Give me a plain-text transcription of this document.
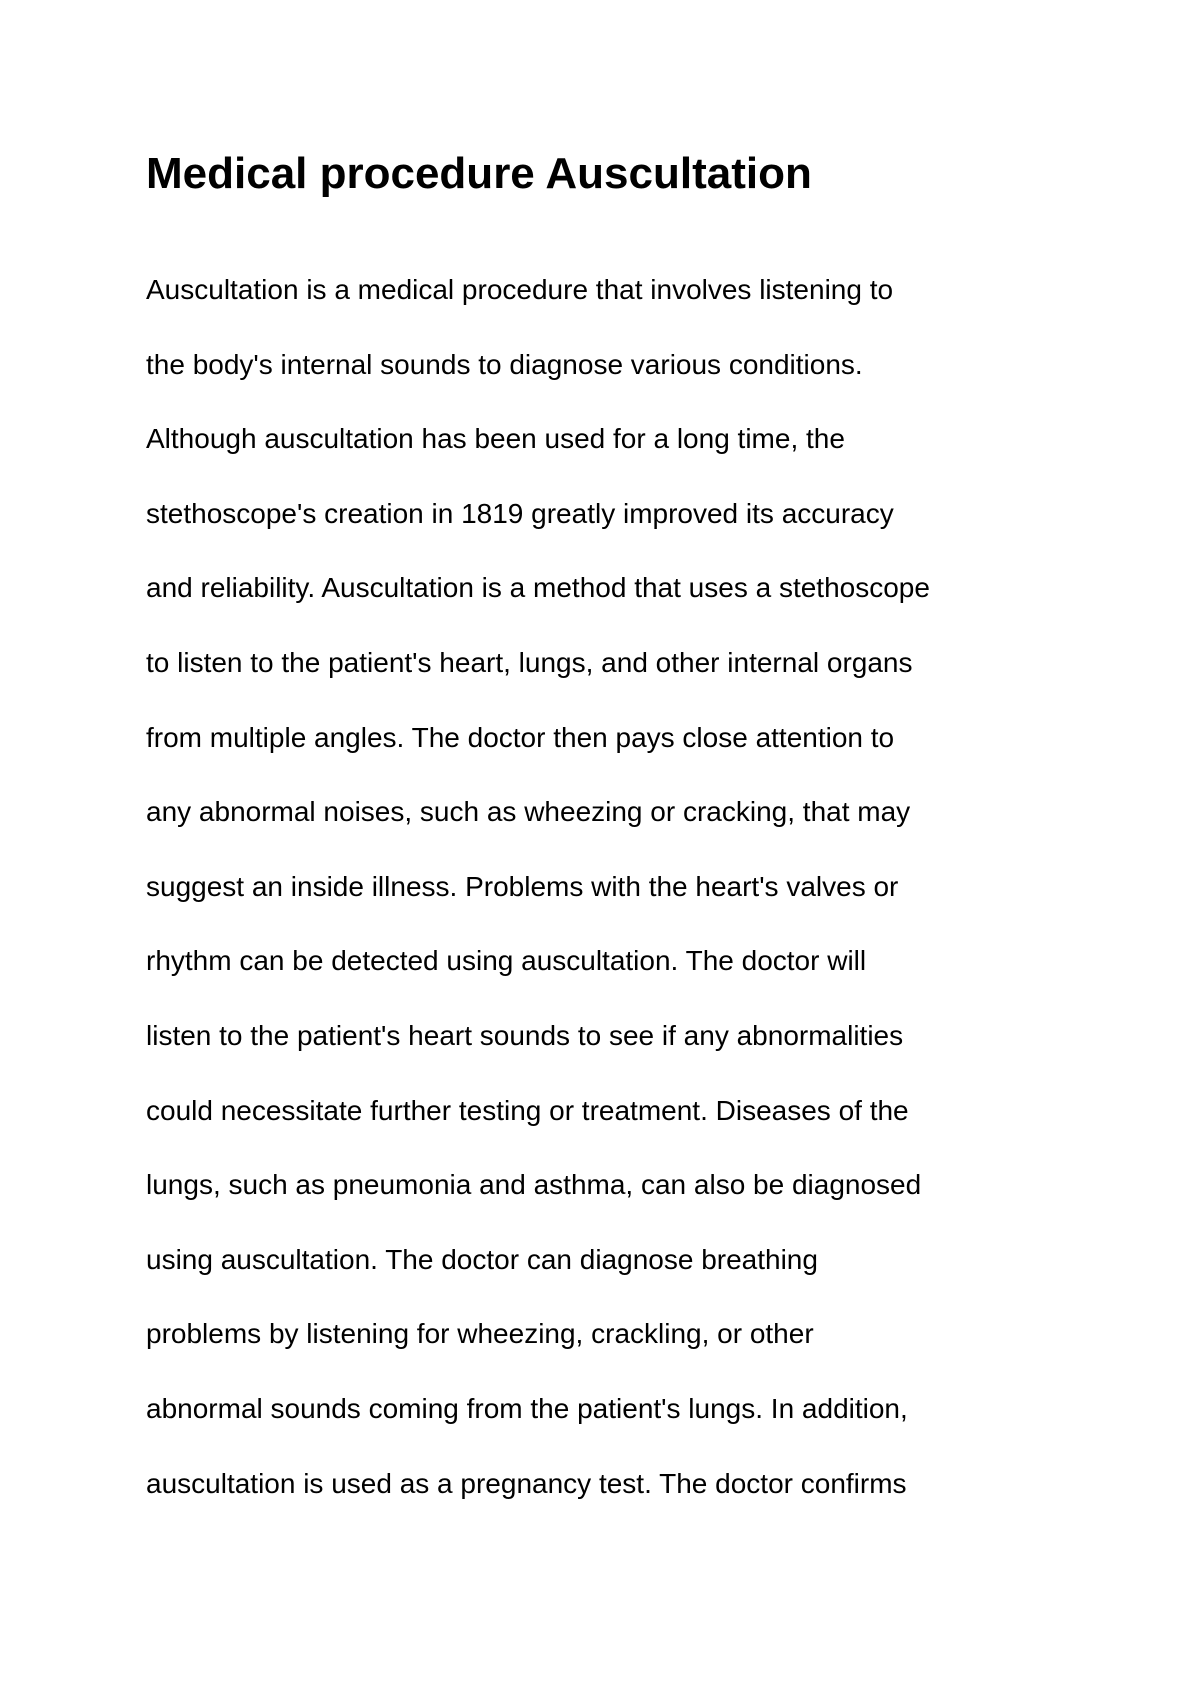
Medical procedure Auscultation
Auscultation is a medical procedure that involves listening to
the body's internal sounds to diagnose various conditions.
Although auscultation has been used for a long time, the
stethoscope's creation in 1819 greatly improved its accuracy
and reliability. Auscultation is a method that uses a stethoscope
to listen to the patient's heart, lungs, and other internal organs
from multiple angles. The doctor then pays close attention to
any abnormal noises, such as wheezing or cracking, that may
suggest an inside illness. Problems with the heart's valves or
rhythm can be detected using auscultation. The doctor will
listen to the patient's heart sounds to see if any abnormalities
could necessitate further testing or treatment. Diseases of the
lungs, such as pneumonia and asthma, can also be diagnosed
using auscultation. The doctor can diagnose breathing
problems by listening for wheezing, crackling, or other
abnormal sounds coming from the patient's lungs. In addition,
auscultation is used as a pregnancy test. The doctor confirms
